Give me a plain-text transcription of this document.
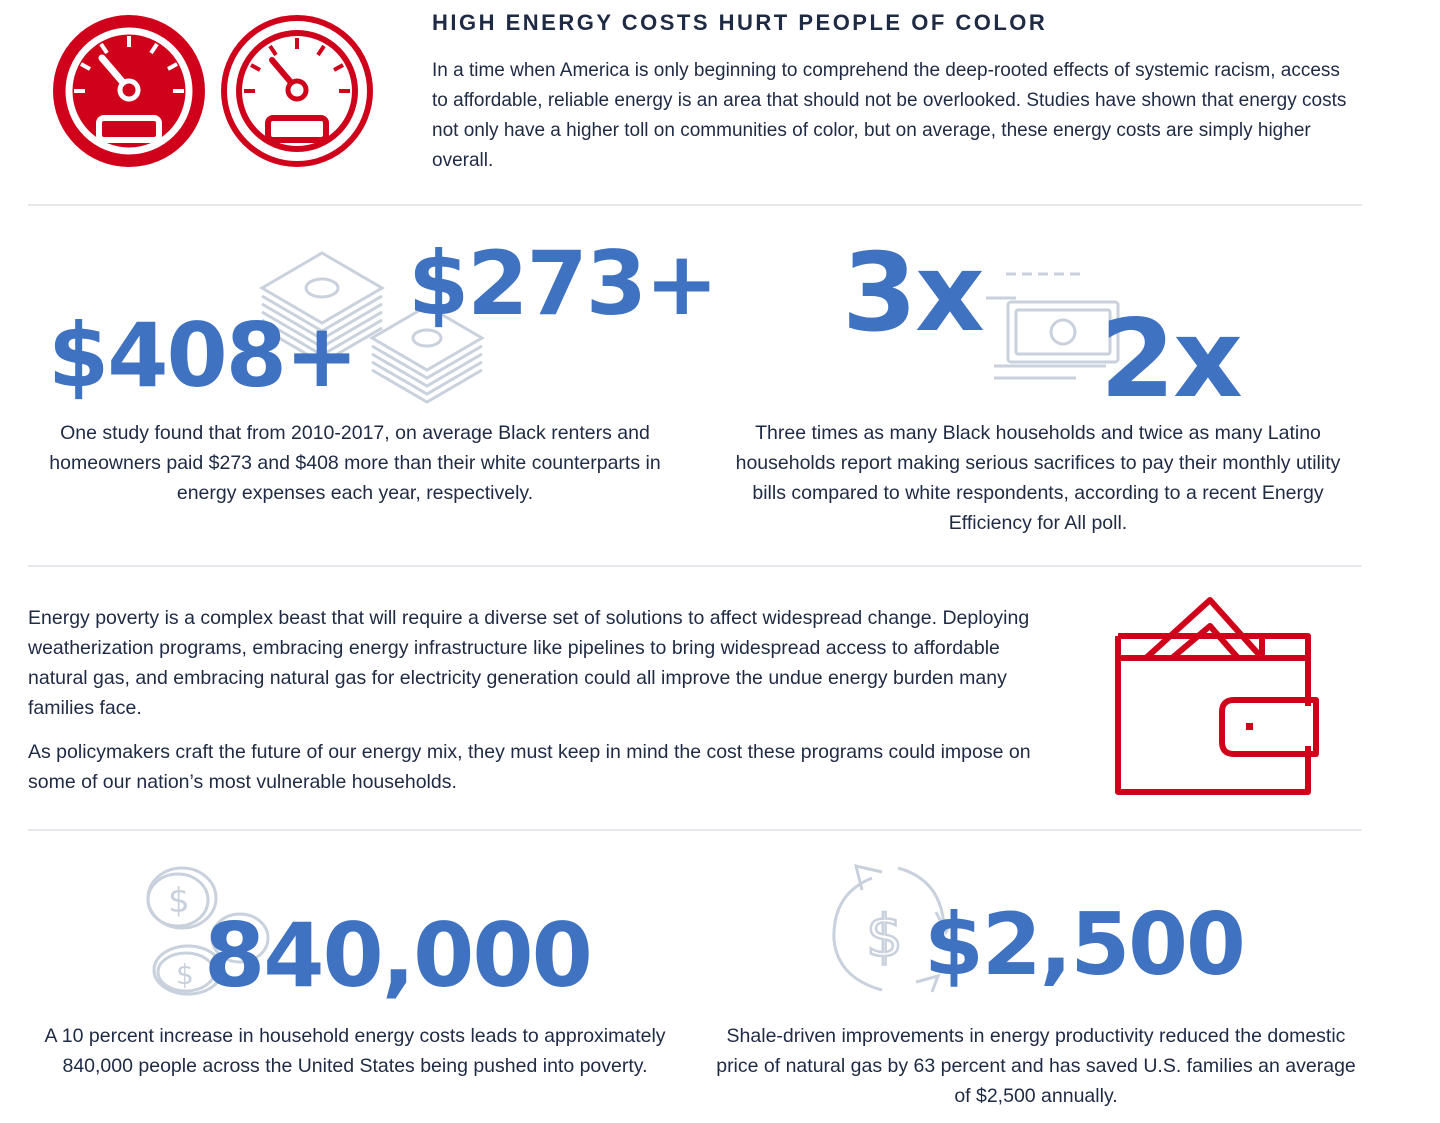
HIGH ENERGY COSTS HURT PEOPLE OF COLOR
In a time when America is only beginning to comprehend the deep-rooted effects of systemic racism, access to affordable, reliable energy is an area that should not be overlooked. Studies have shown that energy costs not only have a higher toll on communities of color, but on average, these energy costs are simply higher overall.
$408+
$273+
One study found that from 2010-2017, on average Black renters and homeowners paid $273 and $408 more than their white counterparts in energy expenses each year, respectively.
3x
2x
Three times as many Black households and twice as many Latino households report making serious sacrifices to pay their monthly utility bills compared to white respondents, according to a recent Energy Efficiency for All poll.
Energy poverty is a complex beast that will require a diverse set of solutions to affect widespread change. Deploying weatherization programs, embracing energy infrastructure like pipelines to bring widespread access to affordable natural gas, and embracing natural gas for electricity generation could all improve the undue energy burden many families face.
As policymakers craft the future of our energy mix, they must keep in mind the cost these programs could impose on some of our nation’s most vulnerable households.
$
$ 840,000
A 10 percent increase in household energy costs leads to approximately 840,000 people across the United States being pushed into poverty.
$ $2,500
Shale-driven improvements in energy productivity reduced the domestic price of natural gas by 63 percent and has saved U.S. families an average of $2,500 annually.
